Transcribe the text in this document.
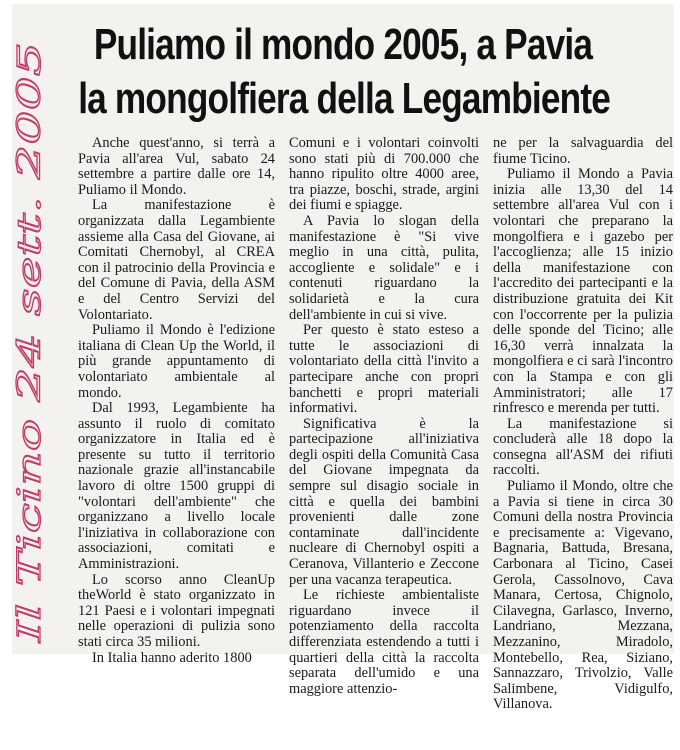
Puliamo il mondo 2005, a Pavia
la mongolfiera della Legambiente

Anche quest'anno, si terrà a Pavia all'area Vul, sabato 24 settembre a partire dalle ore 14, Puliamo il Mondo.

La manifestazione è organizzata dalla Legambiente assieme alla Casa del Giovane, ai Comitati Chernobyl, al CREA con il patrocinio della Provincia e del Comune di Pavia, della ASM e del Centro Servizi del Volontariato.

Puliamo il Mondo è l'edizione italiana di Clean Up the World, il più grande appuntamento di volontariato ambientale al mondo.

Dal 1993, Legambiente ha assunto il ruolo di comitato organizzatore in Italia ed è presente su tutto il territorio nazionale grazie all'instancabile lavoro di oltre 1500 gruppi di "volontari dell'ambiente" che organizzano a livello locale l'iniziativa in collaborazione con associazioni, comitati e Amministrazioni.

Lo scorso anno CleanUp theWorld è stato organizzato in 121 Paesi e i volontari impegnati nelle operazioni di pulizia sono stati circa 35 milioni.

In Italia hanno aderito 1800

Comuni e i volontari coinvolti sono stati più di 700.000 che hanno ripulito oltre 4000 aree, tra piazze, boschi, strade, argini dei fiumi e spiagge.

A Pavia lo slogan della manifestazione è "Si vive meglio in una città, pulita, accogliente e solidale" e i contenuti riguardano la solidarietà e la cura dell'ambiente in cui si vive.

Per questo è stato esteso a tutte le associazioni di volontariato della città l'invito a partecipare anche con propri banchetti e propri materiali informativi.

Significativa è la partecipazione all'iniziativa degli ospiti della Comunità Casa del Giovane impegnata da sempre sul disagio sociale in città e quella dei bambini provenienti dalle zone contaminate dall'incidente nucleare di Chernobyl ospiti a Ceranova, Villanterio e Zeccone per una vacanza terapeutica.

Le richieste ambientaliste riguardano invece il potenziamento della raccolta differenziata estendendo a tutti i quartieri della città la raccolta separata dell'umido e una maggiore attenzio-

ne per la salvaguardia del fiume Ticino.

Puliamo il Mondo a Pavia inizia alle 13,30 del 14 settembre all'area Vul con i volontari che preparano la mongolfiera e i gazebo per l'accoglienza; alle 15 inizio della manifestazione con l'accredito dei partecipanti e la distribuzione gratuita dei Kit con l'occorrente per la pulizia delle sponde del Ticino; alle 16,30 verrà innalzata la mongolfiera e ci sarà l'incontro con la Stampa e con gli Amministratori; alle 17 rinfresco e merenda per tutti.

La manifestazione si concluderà alle 18 dopo la consegna all'ASM dei rifiuti raccolti.

Puliamo il Mondo, oltre che a Pavia si tiene in circa 30 Comuni della nostra Provincia e precisamente a: Vigevano, Bagnaria, Battuda, Bresana, Carbonara al Ticino, Casei Gerola, Cassolnovo, Cava Manara, Certosa, Chignolo, Cilavegna, Garlasco, Inverno, Landriano, Mezzana, Mezzanino, Miradolo, Montebello, Rea, Siziano, Sannazzaro, Trivolzio, Valle Salimbene, Vidigulfo, Villanova.

Il Ticino 24 sett. 2005
